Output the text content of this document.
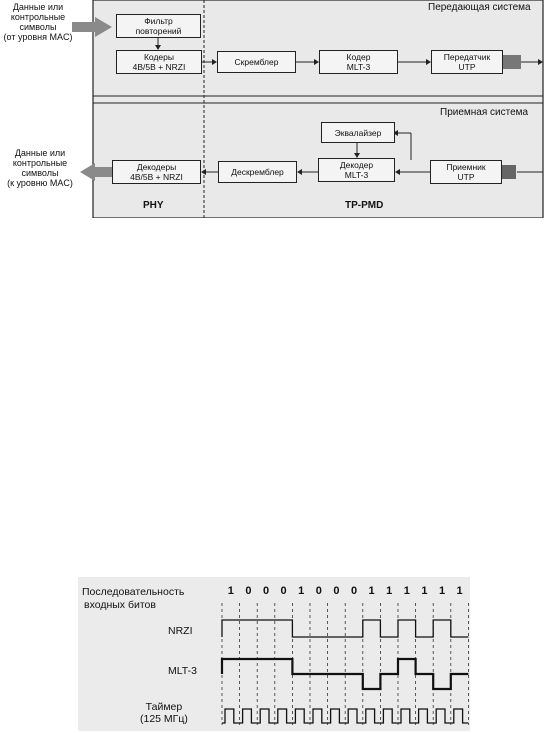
Данные или
контрольные
символы
(от уровня MAC)
Данные или
контрольные
символы
(к уровню MAC)
Передающая система
Приемная система
PHY	TP-PMD
Фильтр
повторений
Кодеры
4B/5B + NRZI	Скремблер	Кодер
MLT-3
Передатчик
UTP
Эквалайзер
Декодер
MLT-3
Приемник
UTP
Дескремблер
Декодеры
4B/5B + NRZI
Последовательность
входных битов
1 0 0 0 1 0 0 0 1 1 1 1 1 1
NRZI
MLT-3
Таймер
(125 МГц)
